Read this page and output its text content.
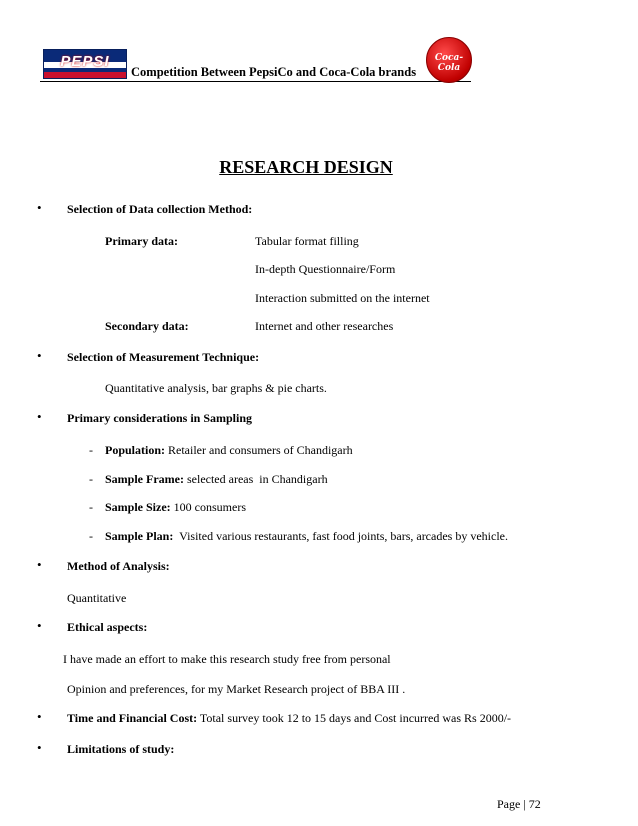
PEPSI
Competition Between PepsiCo and Coca-Cola brands
Coca-Cola
RESEARCH DESIGN
• Selection of Data collection Method:
Primary data:	Tabular format filling
In-depth Questionnaire/Form
Interaction submitted on the internet
Secondary data:	Internet and other researches
• Selection of Measurement Technique:
Quantitative analysis, bar graphs & pie charts.
• Primary considerations in Sampling
- Population: Retailer and consumers of Chandigarh
- Sample Frame: selected areas  in Chandigarh
- Sample Size: 100 consumers
- Sample Plan:  Visited various restaurants, fast food joints, bars, arcades by vehicle.
• Method of Analysis:
Quantitative
• Ethical aspects:
I have made an effort to make this research study free from personal
Opinion and preferences, for my Market Research project of BBA III .
• Time and Financial Cost: Total survey took 12 to 15 days and Cost incurred was Rs 2000/-
• Limitations of study:
Page | 72
